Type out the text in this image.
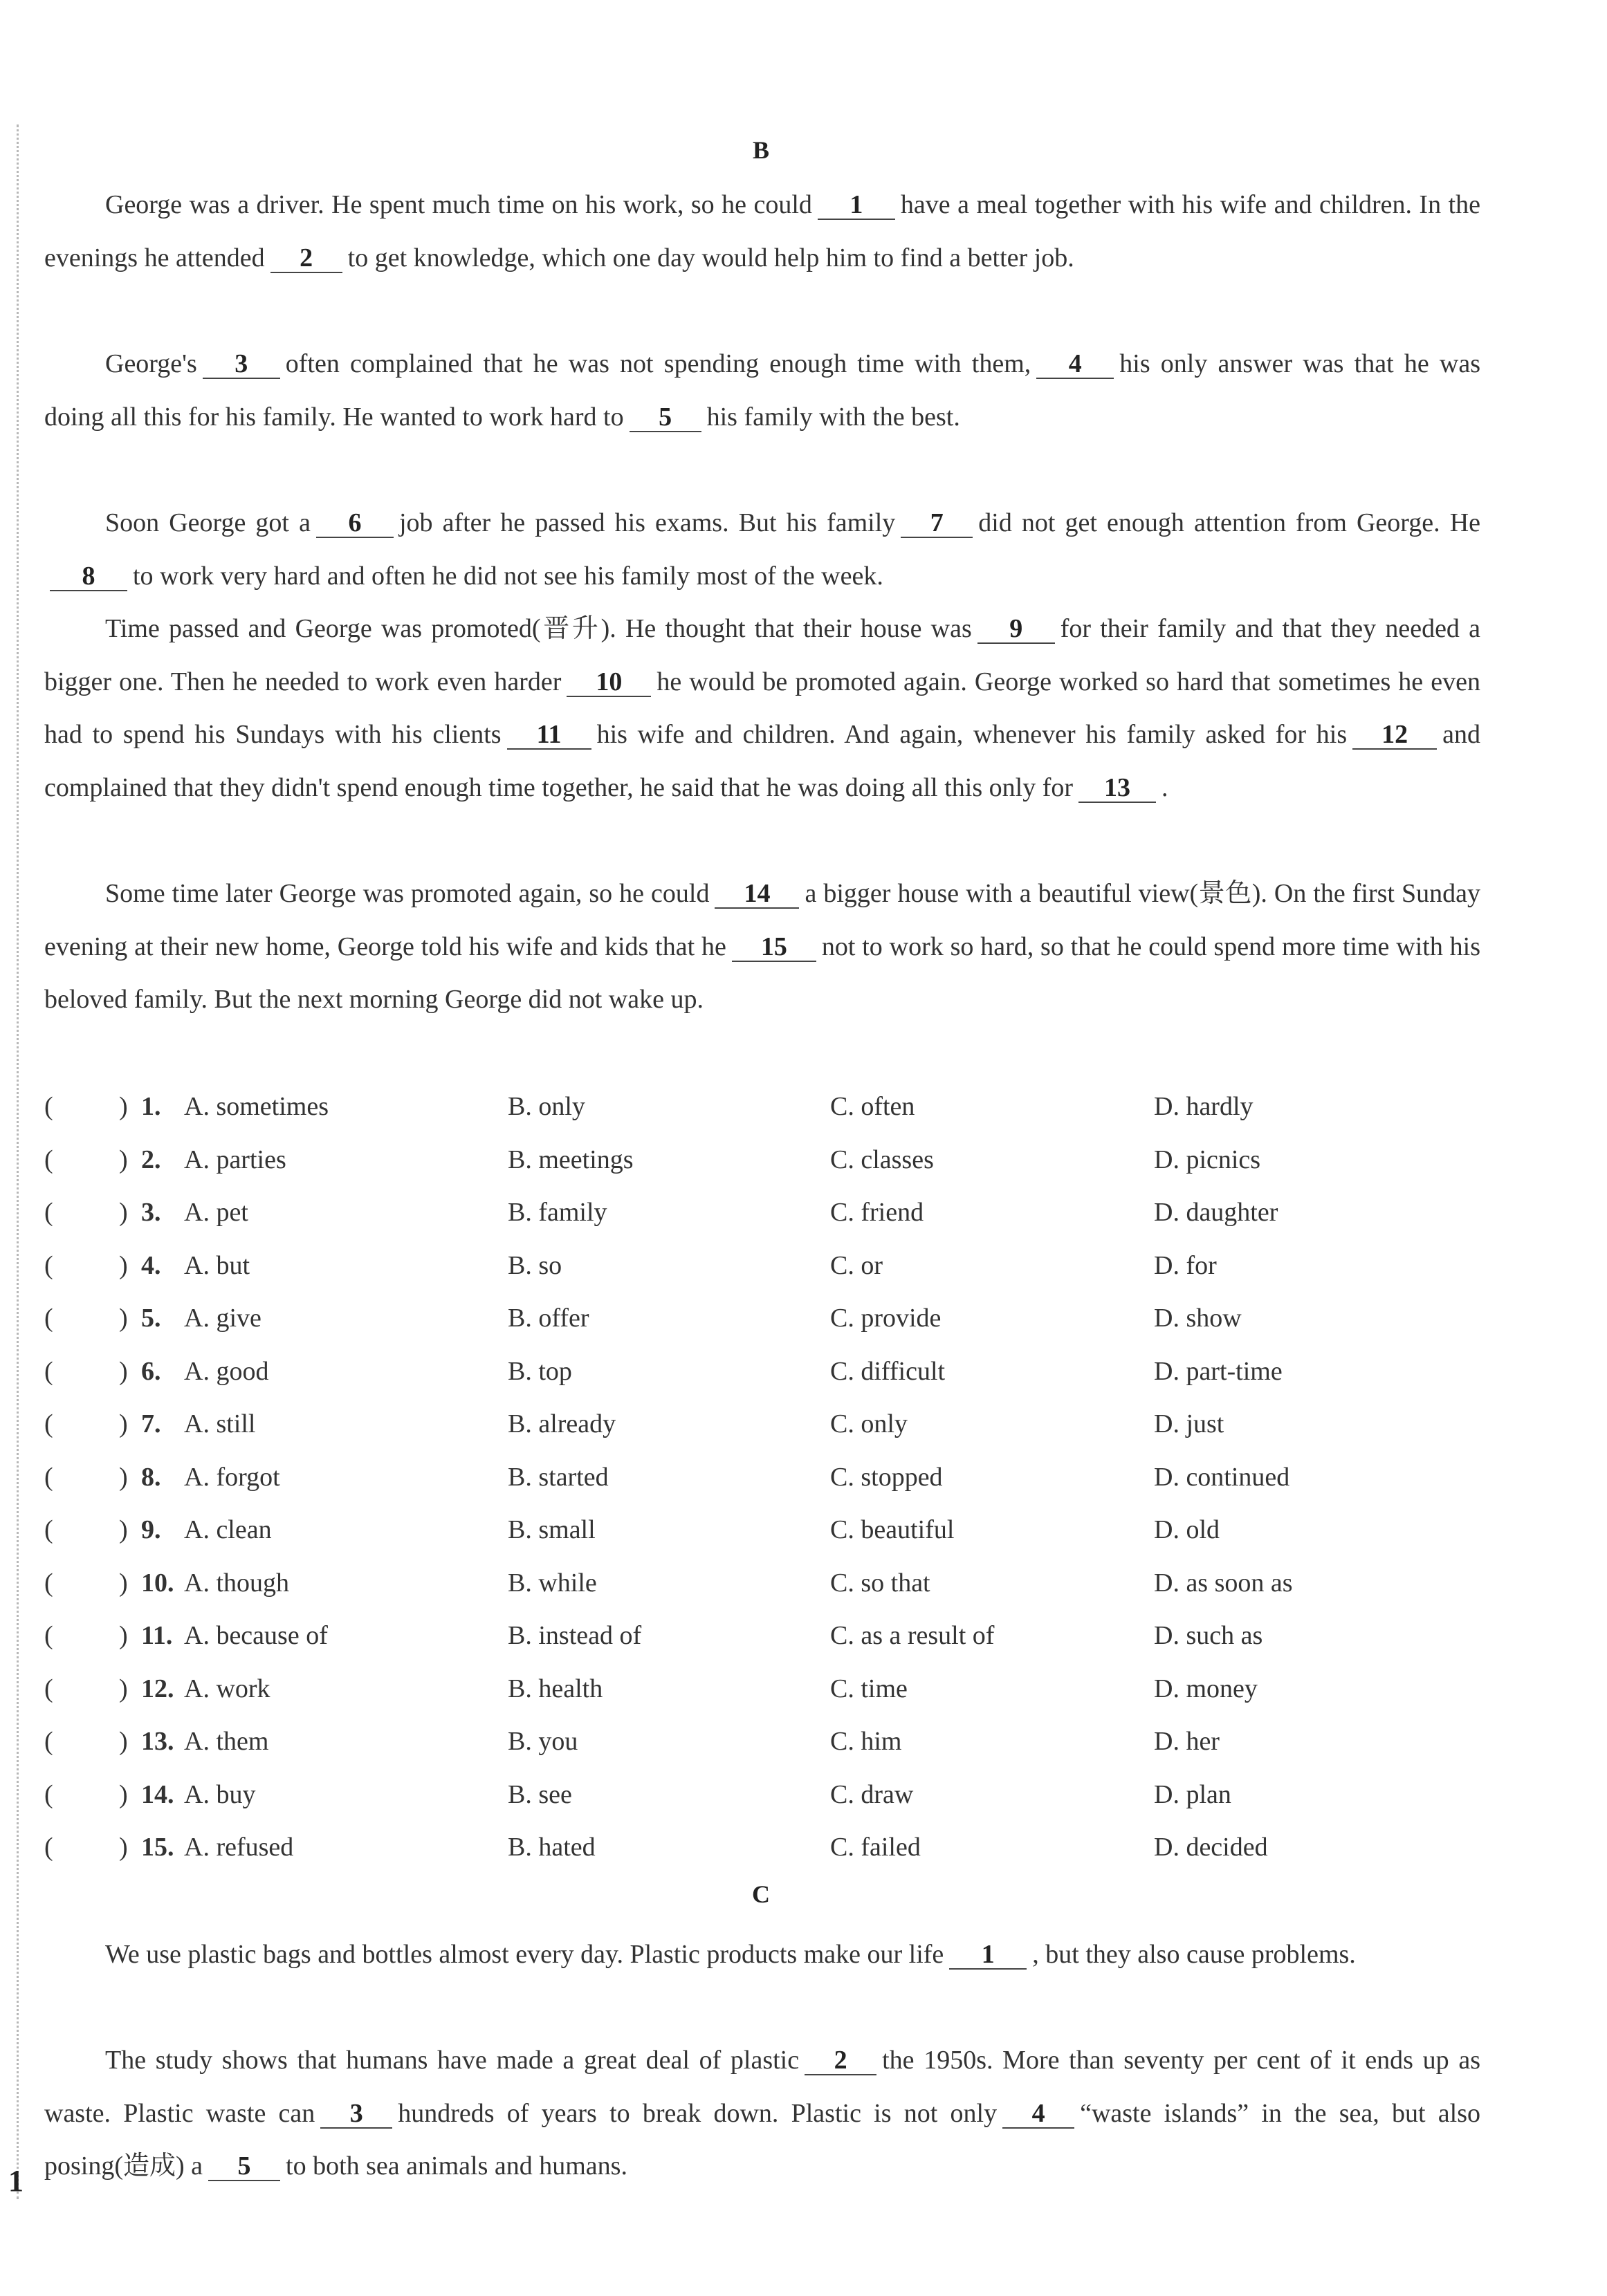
B
George was a driver. He spent much time on his work, so he could 1 have a meal together with his wife and children. In the evenings he attended 2 to get knowledge, which one day would help him to find a better job.
George's 3 often complained that he was not spending enough time with them, 4 his only answer was that he was doing all this for his family. He wanted to work hard to 5 his family with the best.
Soon George got a 6 job after he passed his exams. But his family 7 did not get enough attention from George. He8 to work very hard and often he did not see his family most of the week.
Time passed and George was promoted(晋升). He thought that their house was 9 for their family and that they needed a bigger one. Then he needed to work even harder 10 he would be promoted again. George worked so hard that sometimes he even had to spend his Sundays with his clients 11 his wife and children. And again, whenever his family asked for his 12 and complained that they didn't spend enough time together, he said that he was doing all this only for 13 .
Some time later George was promoted again, so he could 14 a bigger house with a beautiful view(景色). On the first Sunday evening at their new home, George told his wife and kids that he 15 not to work so hard, so that he could spend more time with his beloved family. But the next morning George did not wake up.
(	) 1. A. sometimes	B. only	C. often	D. hardly
(	) 2. A. parties	B. meetings	C. classes	D. picnics
(	) 3. A. pet	B. family	C. friend	D. daughter
(	) 4. A. but	B. so	C. or	D. for
(	) 5. A. give	B. offer	C. provide	D. show
(	) 6. A. good	B. top	C. difficult	D. part-time
(	) 7. A. still	B. already	C. only	D. just
(	) 8. A. forgot	B. started	C. stopped	D. continued
(	) 9. A. clean	B. small	C. beautiful	D. old
(	) 10. A. though	B. while	C. so that	D. as soon as
(	) 11. A. because of	B. instead of	C. as a result of	D. such as
(	) 12. A. work	B. health	C. time	D. money
(	) 13. A. them	B. you	C. him	D. her
(	) 14. A. buy	B. see	C. draw	D. plan
(	) 15. A. refused	B. hated	C. failed	D. decided
C
We use plastic bags and bottles almost every day. Plastic products make our life 1 , but they also cause problems.
The study shows that humans have made a great deal of plastic 2 the 1950s. More than seventy per cent of it ends up as waste. Plastic waste can 3 hundreds of years to break down. Plastic is not only 4 “waste islands” in the sea, but also posing(造成) a 5 to both sea animals and humans.
1
